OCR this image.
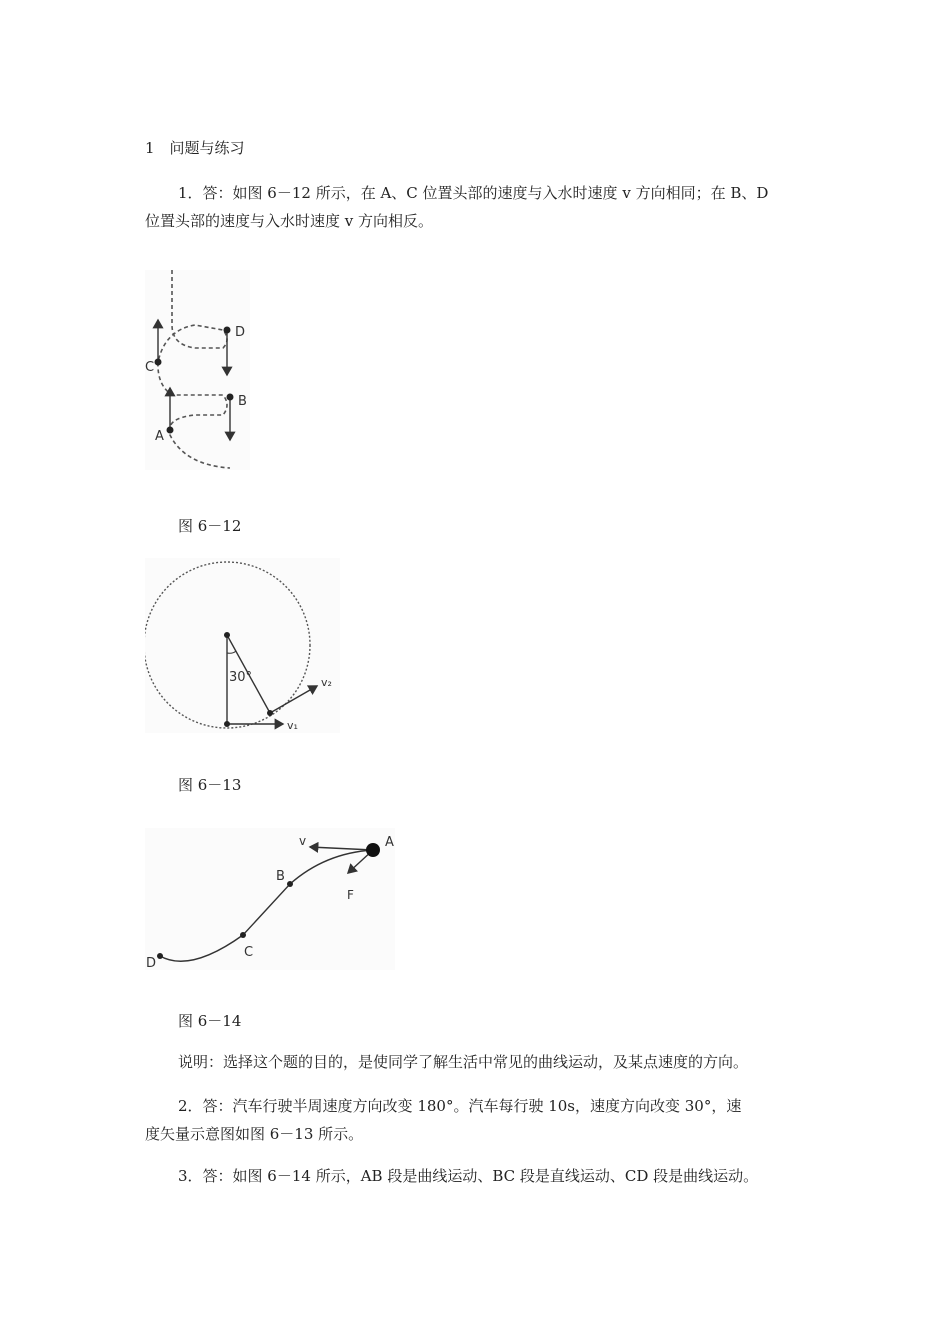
1　问题与练习
1．答：如图 6－12 所示，在 A、C 位置头部的速度与入水时速度 v 方向相同；在 B、D
位置头部的速度与入水时速度 v 方向相反。
C
A
D
B
图 6－12
30°
v₁
v₂
图 6－13
A
B
C
D
v
F
图 6－14
说明：选择这个题的目的，是使同学了解生活中常见的曲线运动，及某点速度的方向。
2．答：汽车行驶半周速度方向改变 180°。汽车每行驶 10s，速度方向改变 30°，速
度矢量示意图如图 6－13 所示。
3．答：如图 6－14 所示，AB 段是曲线运动、BC 段是直线运动、CD 段是曲线运动。
